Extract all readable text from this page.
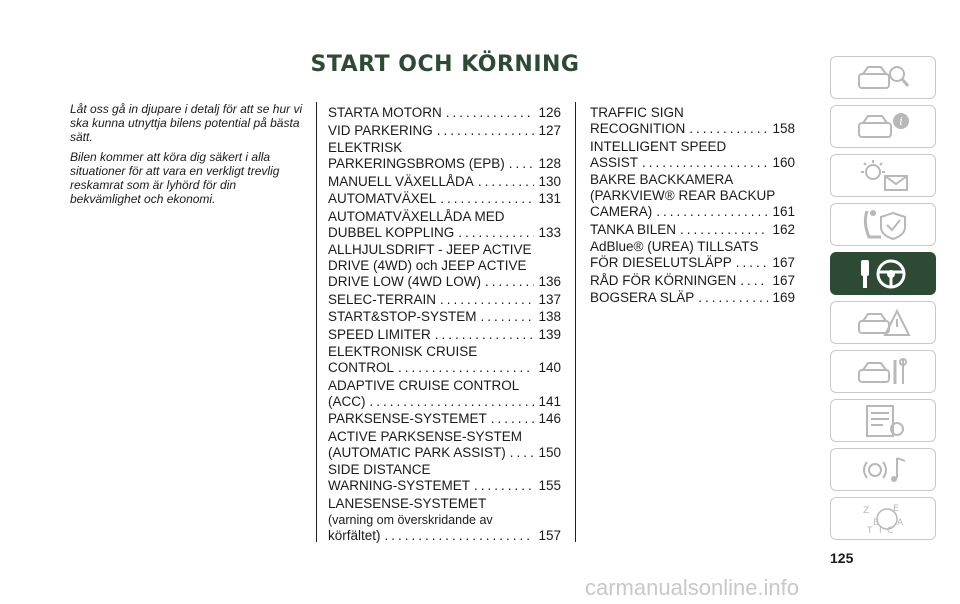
START OCH KÖRNING

Låt oss gå in djupare i detalj för att se hur vi ska kunna utnyttja bilens potential på bästa sätt.

Bilen kommer att köra dig säkert i alla situationer för att vara en verkligt trevlig reskamrat som är lyhörd för din bekvämlighet och ekonomi.

STARTA MOTORN .....	126
VID PARKERING .....	127
ELEKTRISK
PARKERINGSBROMS (EPB) ..... 128
MANUELL VÄXELLÅDA .....	130
AUTOMATVÄXEL .....	131
AUTOMATVÄXELLÅDA MED
DUBBEL KOPPLING .....	133
ALLHJULSDRIFT - JEEP ACTIVE
DRIVE (4WD) och JEEP ACTIVE
DRIVE LOW (4WD LOW) .....	136
SELEC-TERRAIN .....	137
START&STOP-SYSTEM .....	138
SPEED LIMITER .....	139
ELEKTRONISK CRUISE
CONTROL .....	140
ADAPTIVE CRUISE CONTROL
(ACC) .....	141
PARKSENSE-SYSTEMET .....	146
ACTIVE PARKSENSE-SYSTEM
(AUTOMATIC PARK ASSIST) ..... 150
SIDE DISTANCE
WARNING-SYSTEMET .....	155
LANESENSE-SYSTEMET
(varning om överskridande av
körfältet) .....	157
TRAFFIC SIGN
RECOGNITION .....	158
INTELLIGENT SPEED
ASSIST .....	160
BAKRE BACKKAMERA
(PARKVIEW® REAR BACKUP
CAMERA) .....	161
TANKA BILEN .....	162
AdBlue® (UREA) TILLSATS
FÖR DIESELUTSLÄPP .....	167
RÅD FÖR KÖRNINGEN .....	167
BOGSERA SLÄP .....	169
i
Z	E
B A
I C
T
125
carmanualsonline.info
